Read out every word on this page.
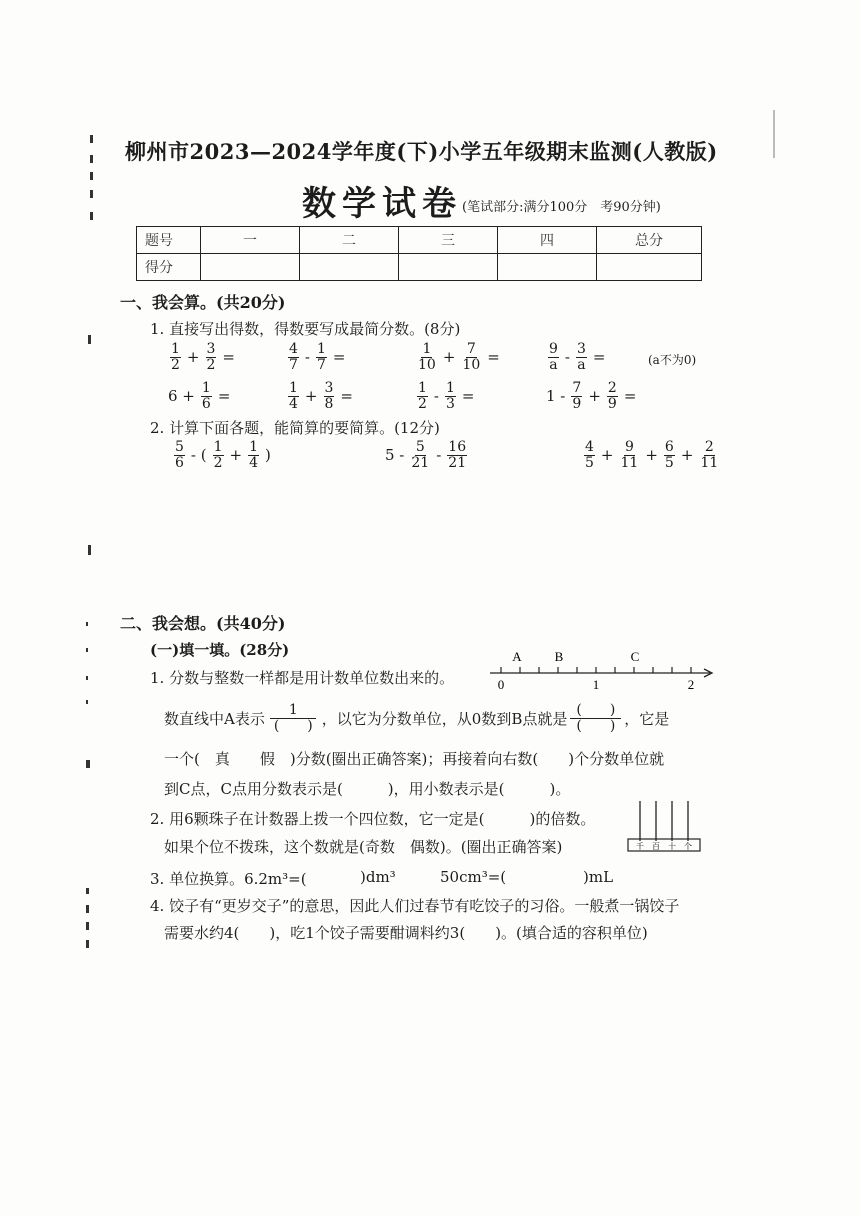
柳州市2023—2024学年度(下)小学五年级期末监测(人教版)
数学试卷 (笔试部分:满分100分　考90分钟)
题号	一	二	三	四	总分
得分					
一、我会算。(共20分)
1. 直接写出得数，得数要写成最简分数。(8分)
$\frac{1}{2} + \frac{3}{2}$ =	$\frac{4}{7} - \frac{1}{7}$ =	$\frac{1}{10} + \frac{7}{10}$ =	$\frac{9}{a} - \frac{3}{a}$ =	(a不为0)
$6 + \frac{1}{6}$ =	$\frac{1}{4} + \frac{3}{8}$ =	$\frac{1}{2} - \frac{1}{3}$ =	$1 - \frac{7}{9} + \frac{2}{9}$ =
2. 计算下面各题，能简算的要简算。(12分)
$\frac{5}{6}$ - ( $\frac{1}{2} + \frac{1}{4}$ )	$5 - \frac{5}{21} - \frac{16}{21}$	$\frac{4}{5} + \frac{9}{11} + \frac{6}{5} + \frac{2}{11}$
二、我会想。(共40分)
(一)填一填。(28分)
1. 分数与整数一样都是用计数单位数出来的。
A	B	C
0	1	2
数直线中A表示 $\frac{1}{( )}$ ，以它为分数单位，从0数到B点就是 $\frac{( )}{( )}$ ，它是
一个(　真　　假　)分数(圈出正确答案)；再接着向右数(　　)个分数单位就
到C点，C点用分数表示是(　　　)，用小数表示是(　　　)。
2. 用6颗珠子在计数器上拨一个四位数，它一定是(　　　)的倍数。
如果个位不拨珠，这个数就是(奇数　偶数)。(圈出正确答案)	千 百 十 个
3. 单位换算。6.2m³=(	)dm³	50cm³=(	)mL
4. 饺子有“更岁交子”的意思，因此人们过春节有吃饺子的习俗。一般煮一锅饺子
需要水约4(　　)，吃1个饺子需要酣调料约3(　　)。(填合适的容积单位)
